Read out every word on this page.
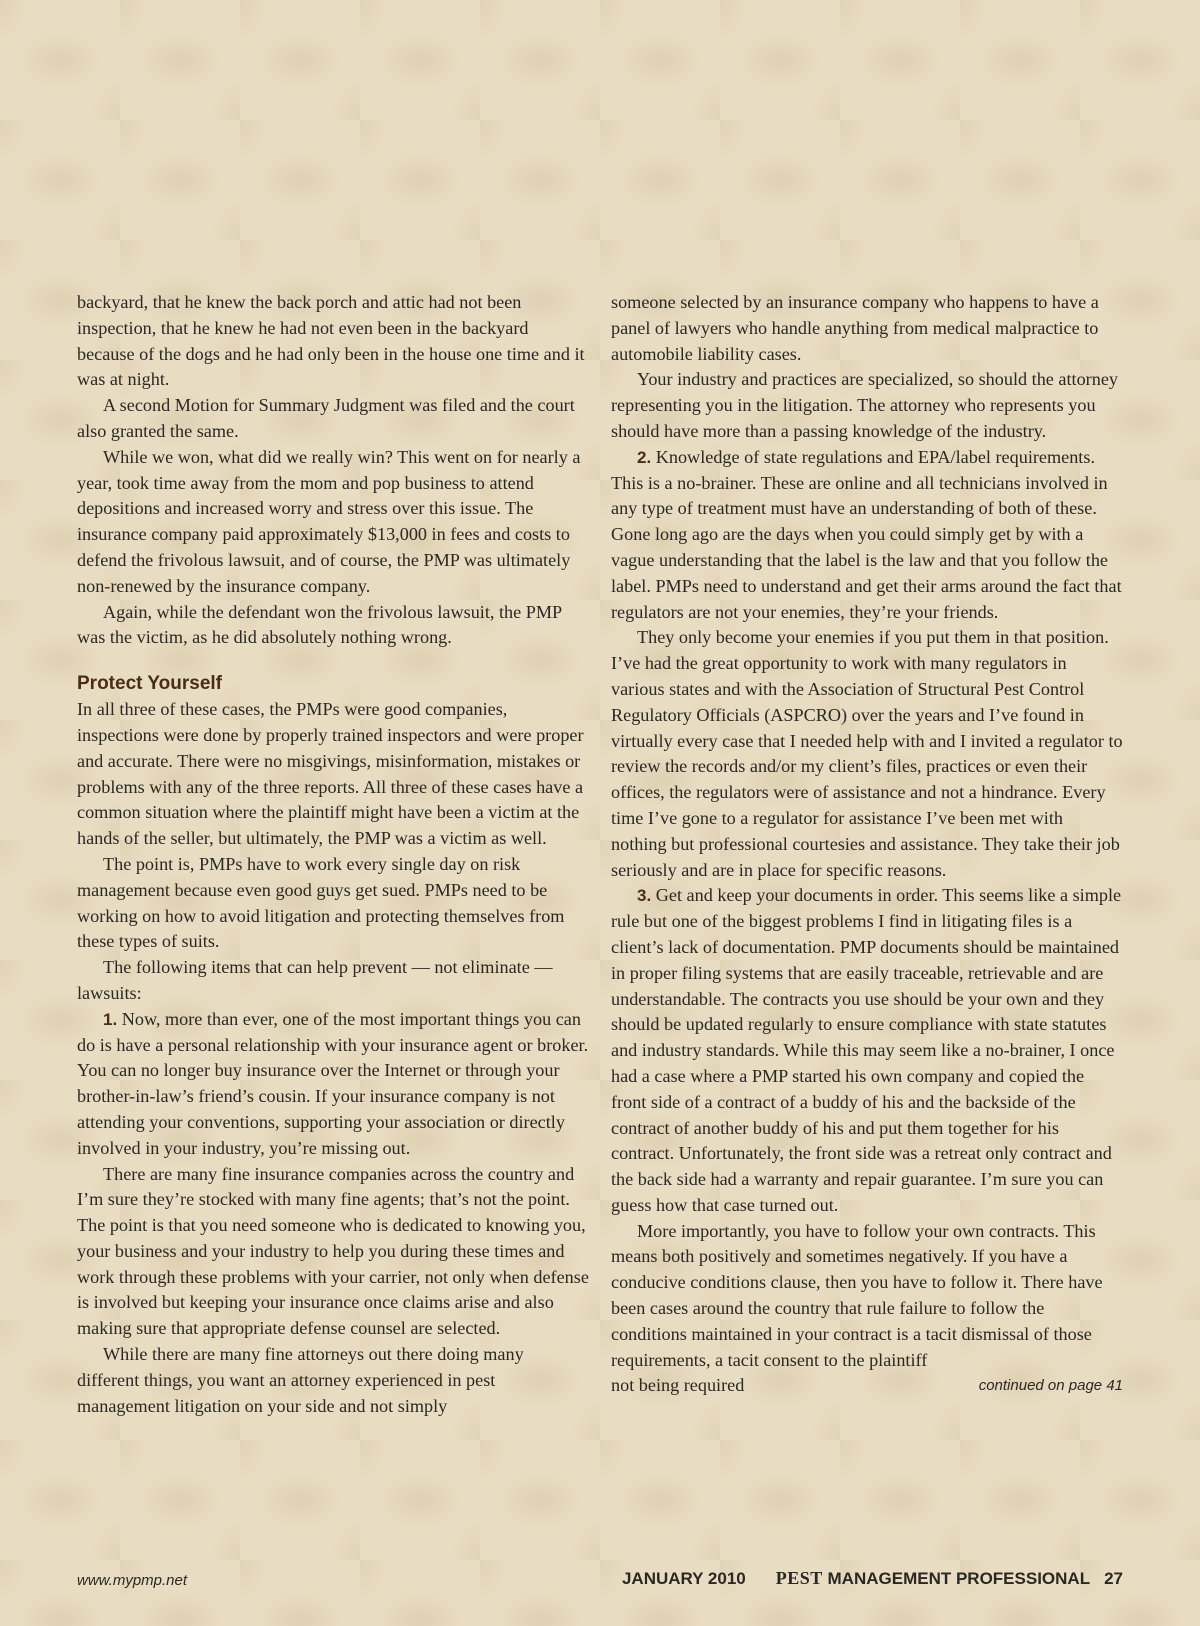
backyard, that he knew the back porch and attic had not been inspection, that he knew he had not even been in the backyard because of the dogs and he had only been in the house one time and it was at night.

A second Motion for Summary Judgment was filed and the court also granted the same.

While we won, what did we really win? This went on for nearly a year, took time away from the mom and pop business to attend depositions and increased worry and stress over this issue. The insurance company paid approximately $13,000 in fees and costs to defend the frivolous lawsuit, and of course, the PMP was ultimately non-renewed by the insurance company.

Again, while the defendant won the frivolous lawsuit, the PMP was the victim, as he did absolutely nothing wrong.

Protect Yourself

In all three of these cases, the PMPs were good companies, inspections were done by properly trained inspectors and were proper and accurate. There were no misgivings, misinformation, mistakes or problems with any of the three reports. All three of these cases have a common situation where the plaintiff might have been a victim at the hands of the seller, but ultimately, the PMP was a victim as well.

The point is, PMPs have to work every single day on risk management because even good guys get sued. PMPs need to be working on how to avoid litigation and protecting themselves from these types of suits.

The following items that can help prevent — not eliminate — lawsuits:

1. Now, more than ever, one of the most important things you can do is have a personal relationship with your insurance agent or broker. You can no longer buy insurance over the Internet or through your brother-in-law’s friend’s cousin. If your insurance company is not attending your conventions, supporting your association or directly involved in your industry, you’re missing out.

There are many fine insurance companies across the country and I’m sure they’re stocked with many fine agents; that’s not the point. The point is that you need someone who is dedicated to knowing you, your business and your industry to help you during these times and work through these problems with your carrier, not only when defense is involved but keeping your insurance once claims arise and also making sure that appropriate defense counsel are selected.

While there are many fine attorneys out there doing many different things, you want an attorney experienced in pest management litigation on your side and not simply

someone selected by an insurance company who happens to have a panel of lawyers who handle anything from medical malpractice to automobile liability cases.

Your industry and practices are specialized, so should the attorney representing you in the litigation. The attorney who represents you should have more than a passing knowledge of the industry.

2. Knowledge of state regulations and EPA/label requirements. This is a no-brainer. These are online and all technicians involved in any type of treatment must have an understanding of both of these. Gone long ago are the days when you could simply get by with a vague understanding that the label is the law and that you follow the label. PMPs need to understand and get their arms around the fact that regulators are not your enemies, they’re your friends.

They only become your enemies if you put them in that position. I’ve had the great opportunity to work with many regulators in various states and with the Association of Structural Pest Control Regulatory Officials (ASPCRO) over the years and I’ve found in virtually every case that I needed help with and I invited a regulator to review the records and/or my client’s files, practices or even their offices, the regulators were of assistance and not a hindrance. Every time I’ve gone to a regulator for assistance I’ve been met with nothing but professional courtesies and assistance. They take their job seriously and are in place for specific reasons.

3. Get and keep your documents in order. This seems like a simple rule but one of the biggest problems I find in litigating files is a client’s lack of documentation. PMP documents should be maintained in proper filing systems that are easily traceable, retrievable and are understandable. The contracts you use should be your own and they should be updated regularly to ensure compliance with state statutes and industry standards. While this may seem like a no-brainer, I once had a case where a PMP started his own company and copied the front side of a contract of a buddy of his and the backside of the contract of another buddy of his and put them together for his contract. Unfortunately, the front side was a retreat only contract and the back side had a warranty and repair guarantee. I’m sure you can guess how that case turned out.

More importantly, you have to follow your own contracts. This means both positively and sometimes negatively. If you have a conducive conditions clause, then you have to follow it. There have been cases around the country that rule failure to follow the conditions maintained in your contract is a tacit dismissal of those requirements, a tacit consent to the plaintiff

not being required	continued on page 41
www.mypmp.net	JANUARY 2010 PEST MANAGEMENT PROFESSIONAL 27
